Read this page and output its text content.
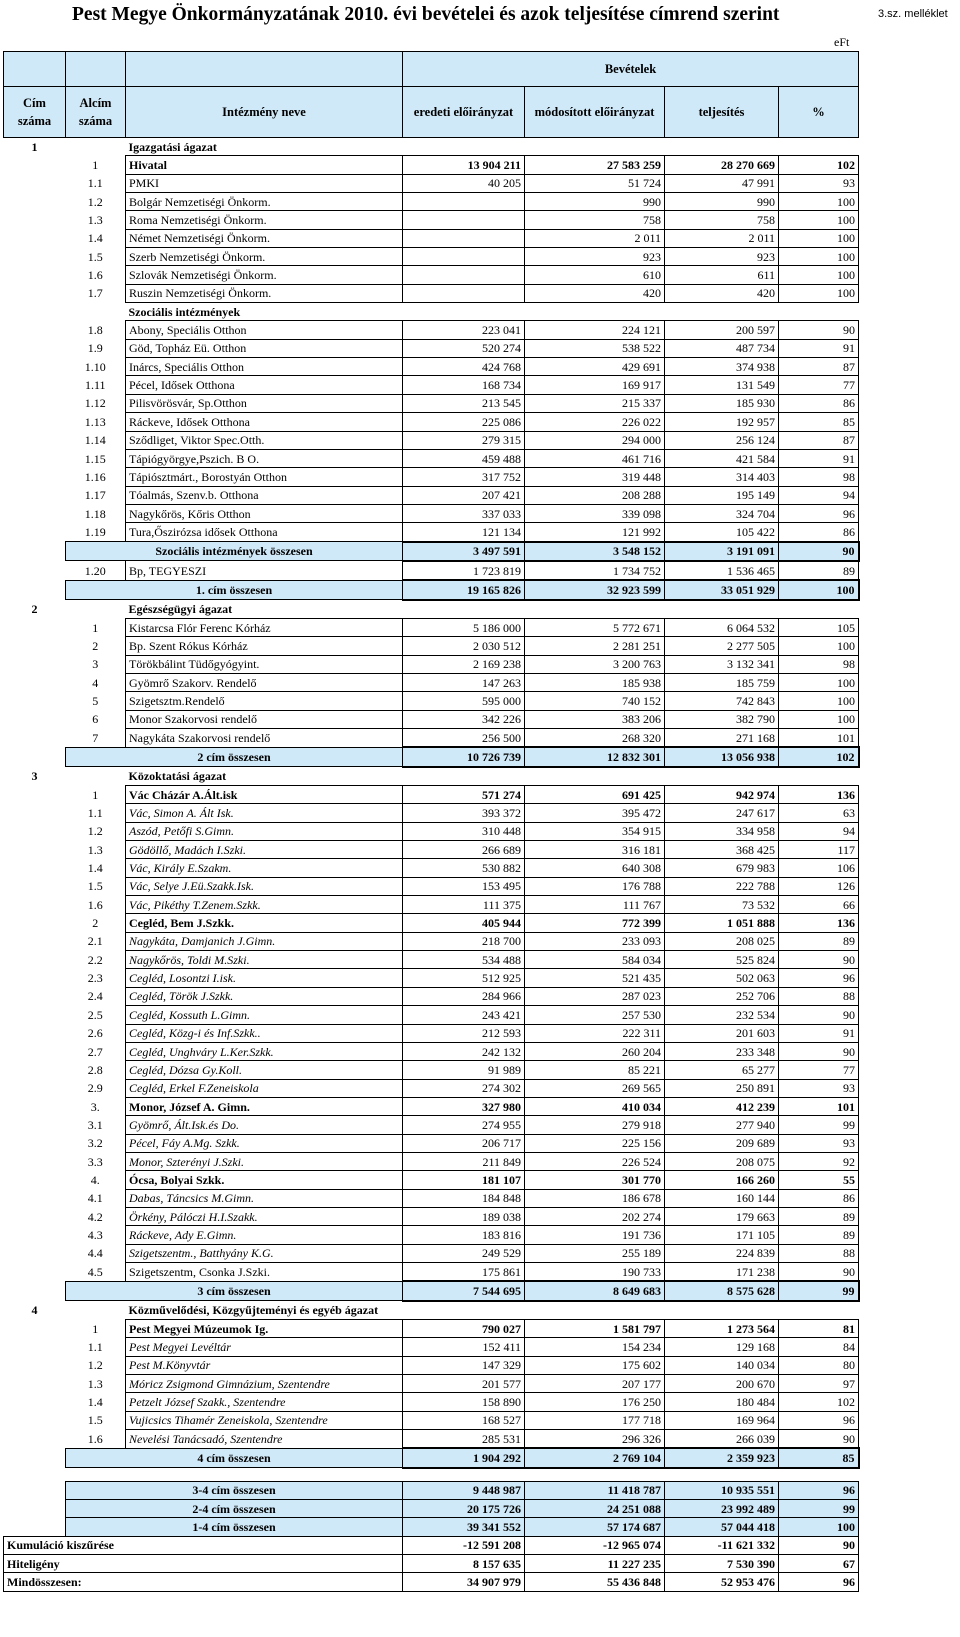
Pest Megye Önkormányzatának 2010. évi bevételei és azok teljesítése címrend szerint	3.sz. melléklet
eFt
			Bevételek			
Cím száma	Alcím száma	Intézmény neve	eredeti előirányzat	módosított előirányzat	teljesítés	%
1		Igazgatási ágazat				
	1	Hivatal	13 904 211	27 583 259	28 270 669	102
	1.1	PMKI	40 205	51 724	47 991	93
	1.2	Bolgár Nemzetiségi Önkorm.		990	990	100
	1.3	Roma Nemzetiségi Önkorm.		758	758	100
	1.4	Német Nemzetiségi Önkorm.		2 011	2 011	100
	1.5	Szerb Nemzetiségi Önkorm.		923	923	100
	1.6	Szlovák Nemzetiségi Önkorm.		610	611	100
	1.7	Ruszin Nemzetiségi Önkorm.		420	420	100
		Szociális intézmények				
	1.8	Abony, Speciális Otthon	223 041	224 121	200 597	90
	1.9	Göd, Topház Eü. Otthon	520 274	538 522	487 734	91
	1.10	Inárcs, Speciális Otthon	424 768	429 691	374 938	87
	1.11	Pécel, Idősek Otthona	168 734	169 917	131 549	77
	1.12	Pilisvörösvár, Sp.Otthon	213 545	215 337	185 930	86
	1.13	Ráckeve, Idősek Otthona	225 086	226 022	192 957	85
	1.14	Sződliget, Viktor Spec.Otth.	279 315	294 000	256 124	87
	1.15	Tápiógyörgye,Pszich. B O.	459 488	461 716	421 584	91
	1.16	Tápiósztmárt., Borostyán Otthon	317 752	319 448	314 403	98
	1.17	Tóalmás, Szenv.b. Otthona	207 421	208 288	195 149	94
	1.18	Nagykőrös, Kőris Otthon	337 033	339 098	324 704	96
	1.19	Tura,Őszirózsa idősek Otthona	121 134	121 992	105 422	86
	Szociális intézmények összesen		3 497 591	3 548 152	3 191 091	90
	1.20	Bp, TEGYESZI	1 723 819	1 734 752	1 536 465	89
	1. cím összesen		19 165 826	32 923 599	33 051 929	100
2		Egészségügyi ágazat				
	1	Kistarcsa Flór Ferenc Kórház	5 186 000	5 772 671	6 064 532	105
	2	Bp. Szent Rókus Kórház	2 030 512	2 281 251	2 277 505	100
	3	Törökbálint Tüdőgyógyint.	2 169 238	3 200 763	3 132 341	98
	4	Gyömrő Szakorv. Rendelő	147 263	185 938	185 759	100
	5	Szigetsztm.Rendelő	595 000	740 152	742 843	100
	6	Monor Szakorvosi rendelő	342 226	383 206	382 790	100
	7	Nagykáta Szakorvosi rendelő	256 500	268 320	271 168	101
	2 cím összesen		10 726 739	12 832 301	13 056 938	102
3		Közoktatási ágazat				
	1	Vác Cházár A.Ált.isk	571 274	691 425	942 974	136
	1.1	Vác, Simon A. Ált Isk.	393 372	395 472	247 617	63
	1.2	Aszód, Petőfi S.Gimn.	310 448	354 915	334 958	94
	1.3	Gödöllő, Madách I.Szki.	266 689	316 181	368 425	117
	1.4	Vác, Király E.Szakm.	530 882	640 308	679 983	106
	1.5	Vác, Selye J.Eü.Szakk.Isk.	153 495	176 788	222 788	126
	1.6	Vác, Pikéthy T.Zenem.Szkk.	111 375	111 767	73 532	66
	2	Cegléd, Bem J.Szkk.	405 944	772 399	1 051 888	136
	2.1	Nagykáta, Damjanich J.Gimn.	218 700	233 093	208 025	89
	2.2	Nagykőrös, Toldi M.Szki.	534 488	584 034	525 824	90
	2.3	Cegléd, Losontzi I.isk.	512 925	521 435	502 063	96
	2.4	Cegléd, Török J.Szkk.	284 966	287 023	252 706	88
	2.5	Cegléd, Kossuth L.Gimn.	243 421	257 530	232 534	90
	2.6	Cegléd, Közg-i és Inf.Szkk..	212 593	222 311	201 603	91
	2.7	Cegléd, Unghváry L.Ker.Szkk.	242 132	260 204	233 348	90
	2.8	Cegléd, Dózsa Gy.Koll.	91 989	85 221	65 277	77
	2.9	Cegléd, Erkel F.Zeneiskola	274 302	269 565	250 891	93
	3.	Monor, József A. Gimn.	327 980	410 034	412 239	101
	3.1	Gyömrő, Ált.Isk.és Do.	274 955	279 918	277 940	99
	3.2	Pécel, Fáy A.Mg. Szkk.	206 717	225 156	209 689	93
	3.3	Monor, Szterényi J.Szki.	211 849	226 524	208 075	92
	4.	Ócsa, Bolyai Szkk.	181 107	301 770	166 260	55
	4.1	Dabas, Táncsics M.Gimn.	184 848	186 678	160 144	86
	4.2	Örkény, Pálóczi H.I.Szakk.	189 038	202 274	179 663	89
	4.3	Ráckeve, Ady E.Gimn.	183 816	191 736	171 105	89
	4.4	Szigetszentm., Batthyány K.G.	249 529	255 189	224 839	88
	4.5	Szigetszentm, Csonka J.Szki.	175 861	190 733	171 238	90
	3 cím összesen		7 544 695	8 649 683	8 575 628	99
4		Közművelődési, Közgyűjteményi és egyéb ágazat				
	1	Pest Megyei Múzeumok Ig.	790 027	1 581 797	1 273 564	81
	1.1	Pest Megyei Levéltár	152 411	154 234	129 168	84
	1.2	Pest M.Könyvtár	147 329	175 602	140 034	80
	1.3	Móricz Zsigmond Gimnázium, Szentendre	201 577	207 177	200 670	97
	1.4	Petzelt József Szakk., Szentendre	158 890	176 250	180 484	102
	1.5	Vujicsics Tihamér Zeneiskola, Szentendre	168 527	177 718	169 964	96
	1.6	Nevelési Tanácsadó, Szentendre	285 531	296 326	266 039	90
	4 cím összesen		1 904 292	2 769 104	2 359 923	85

	3-4 cím összesen		9 448 987	11 418 787	10 935 551	96
	2-4 cím összesen		20 175 726	24 251 088	23 992 489	99
	1-4 cím összesen		39 341 552	57 174 687	57 044 418	100
Kumuláció kiszűrése			-12 591 208	-12 965 074	-11 621 332	90
Hiteligény			8 157 635	11 227 235	7 530 390	67
Mindösszesen:			34 907 979	55 436 848	52 953 476	96
